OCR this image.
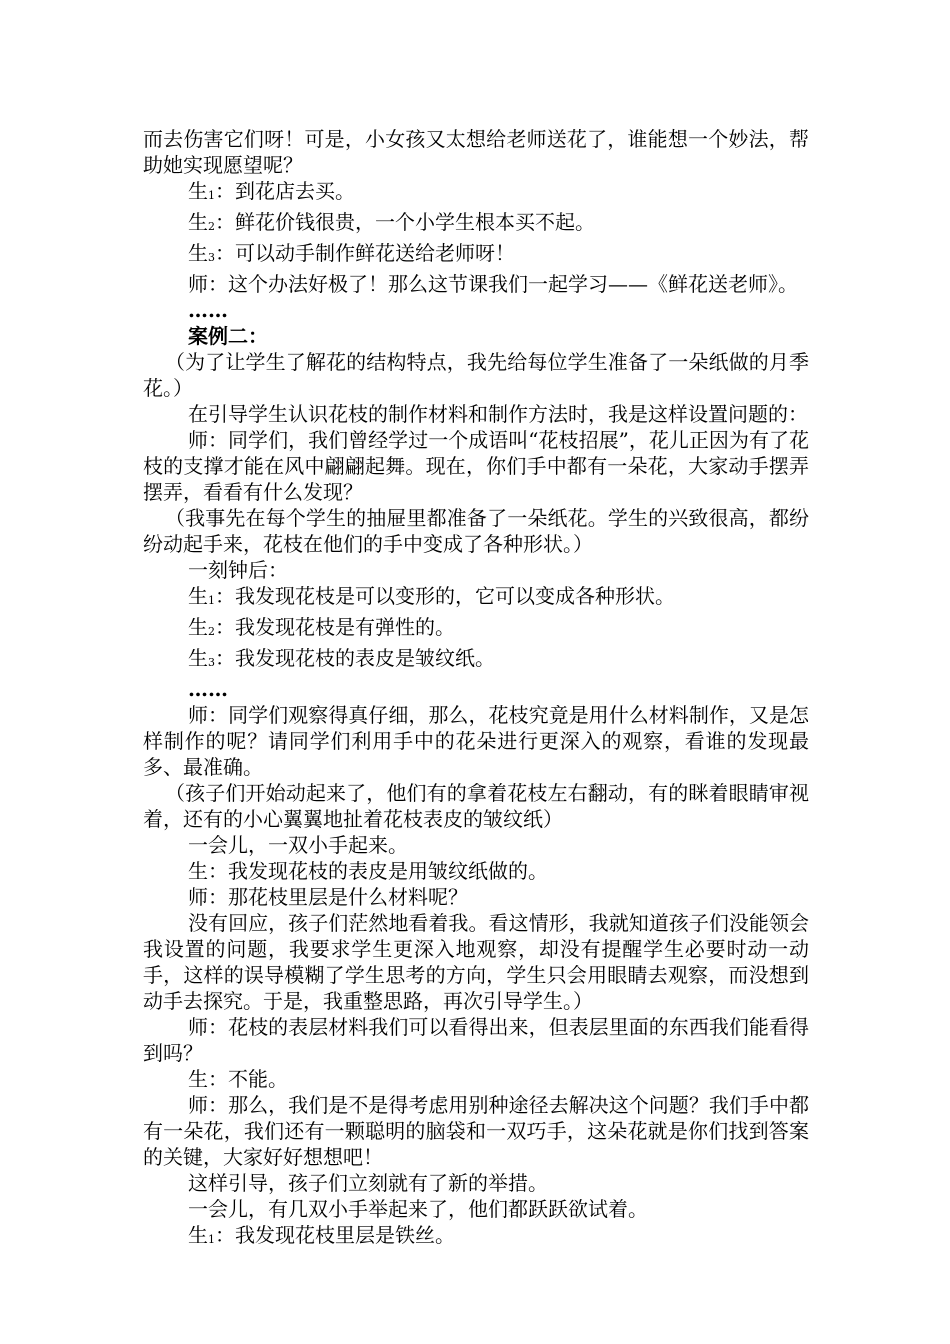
而去伤害它们呀！可是，小女孩又太想给老师送花了，谁能想一个妙法，帮助她实现愿望呢？

生1：到花店去买。

生2：鲜花价钱很贵，一个小学生根本买不起。

生3：可以动手制作鲜花送给老师呀！

师：这个办法好极了！那么这节课我们一起学习——《鲜花送老师》。

……

案例二：

（为了让学生了解花的结构特点，我先给每位学生准备了一朵纸做的月季花。）

在引导学生认识花枝的制作材料和制作方法时，我是这样设置问题的：

师：同学们，我们曾经学过一个成语叫“花枝招展”，花儿正因为有了花枝的支撑才能在风中翩翩起舞。现在，你们手中都有一朵花，大家动手摆弄摆弄，看看有什么发现？

（我事先在每个学生的抽屉里都准备了一朵纸花。学生的兴致很高，都纷纷动起手来，花枝在他们的手中变成了各种形状。）

一刻钟后：

生1：我发现花枝是可以变形的，它可以变成各种形状。

生2：我发现花枝是有弹性的。

生3：我发现花枝的表皮是皱纹纸。

……

师：同学们观察得真仔细，那么，花枝究竟是用什么材料制作，又是怎样制作的呢？请同学们利用手中的花朵进行更深入的观察，看谁的发现最多、最准确。

（孩子们开始动起来了，他们有的拿着花枝左右翻动，有的眯着眼睛审视着，还有的小心翼翼地扯着花枝表皮的皱纹纸）

一会儿，一双小手起来。

生：我发现花枝的表皮是用皱纹纸做的。

师：那花枝里层是什么材料呢？

没有回应，孩子们茫然地看着我。看这情形，我就知道孩子们没能领会我设置的问题，我要求学生更深入地观察，却没有提醒学生必要时动一动手，这样的误导模糊了学生思考的方向，学生只会用眼睛去观察，而没想到动手去探究。于是，我重整思路，再次引导学生。）

师：花枝的表层材料我们可以看得出来，但表层里面的东西我们能看得到吗？

生：不能。

师：那么，我们是不是得考虑用别种途径去解决这个问题？我们手中都有一朵花，我们还有一颗聪明的脑袋和一双巧手，这朵花就是你们找到答案的关键，大家好好想想吧！

这样引导，孩子们立刻就有了新的举措。

一会儿，有几双小手举起来了，他们都跃跃欲试着。

生1：我发现花枝里层是铁丝。
